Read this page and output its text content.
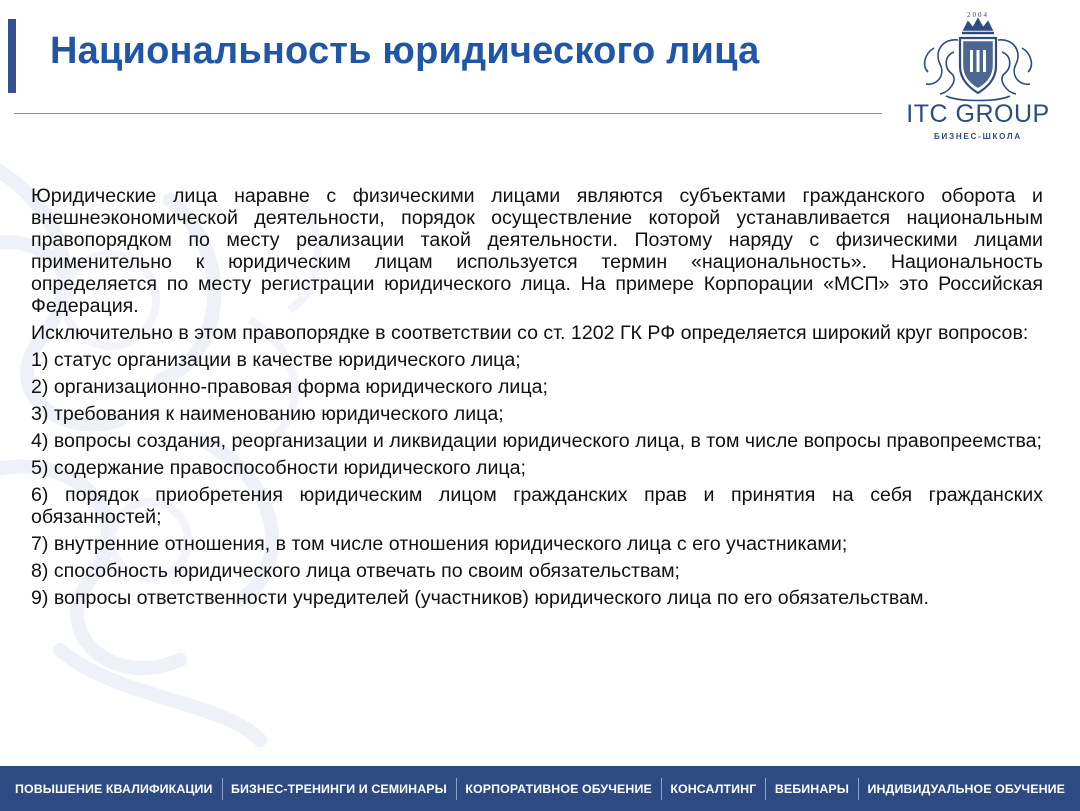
Национальность юридического лица
2004
ITC GROUP
БИЗНЕС-ШКОЛА

Юридические лица наравне с физическими лицами являются субъектами гражданского оборота и внешнеэкономической деятельности, порядок осуществление которой устанавливается национальным правопорядком по месту реализации такой деятельности. Поэтому наряду с физическими лицами применительно к юридическим лицам используется термин «национальность». Национальность определяется по месту регистрации юридического лица. На примере Корпорации «МСП» это Российская Федерация.

Исключительно в этом правопорядке в соответствии со ст. 1202 ГК РФ определяется широкий круг вопросов:

1) статус организации в качестве юридического лица;

2) организационно-правовая форма юридического лица;

3) требования к наименованию юридического лица;

4) вопросы создания, реорганизации и ликвидации юридического лица, в том числе вопросы правопреемства;

5) содержание правоспособности юридического лица;

6) порядок приобретения юридическим лицом гражданских прав и принятия на себя гражданских обязанностей;

7) внутренние отношения, в том числе отношения юридического лица с его участниками;

8) способность юридического лица отвечать по своим обязательствам;

9) вопросы ответственности учредителей (участников) юридического лица по его обязательствам.

ПОВЫШЕНИЕ КВАЛИФИКАЦИИ	БИЗНЕС-ТРЕНИНГИ И СЕМИНАРЫ	КОРПОРАТИВНОЕ ОБУЧЕНИЕ	КОНСАЛТИНГ	ВЕБИНАРЫ	ИНДИВИДУАЛЬНОЕ ОБУЧЕНИЕ
